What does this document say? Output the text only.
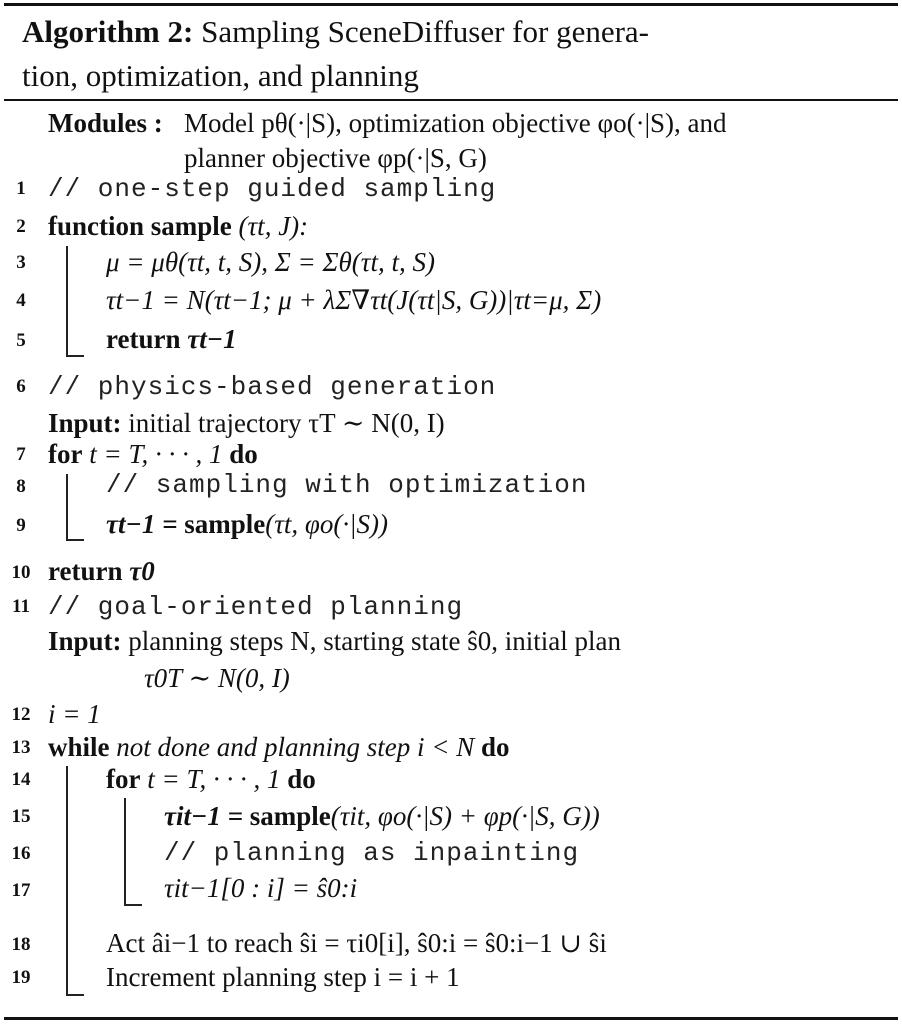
Algorithm 2: Sampling SceneDiffuser for genera-
tion, optimization, and planning
Modules : Model pθ(·|S), optimization objective φo(·|S), and
planner objective φp(·|S, G)
1
2
3
4
5
6
7
8
9
10
11
12
13
14
15
16
17
18
19
// one-step guided sampling
function sample (τt, J):
μ = μθ(τt, t, S), Σ = Σθ(τt, t, S)
τt−1 = N(τt−1; μ + λΣ∇τt(J(τt|S, G))|τt=μ, Σ)
return τt−1
// physics-based generation
Input: initial trajectory τT ∼ N(0, I)
for t = T, · · · , 1 do
// sampling with optimization
τt−1 = sample(τt, φo(·|S))
return τ0
// goal-oriented planning
Input: planning steps N, starting state ŝ0, initial plan
τ0T ∼ N(0, I)
i = 1
while not done and planning step i < N do
for t = T, · · · , 1 do
τit−1 = sample(τit, φo(·|S) + φp(·|S, G))
// planning as inpainting
τit−1[0 : i] = ŝ0:i
Act âi−1 to reach ŝi = τi0[i], ŝ0:i = ŝ0:i−1 ∪ ŝi
Increment planning step i = i + 1
